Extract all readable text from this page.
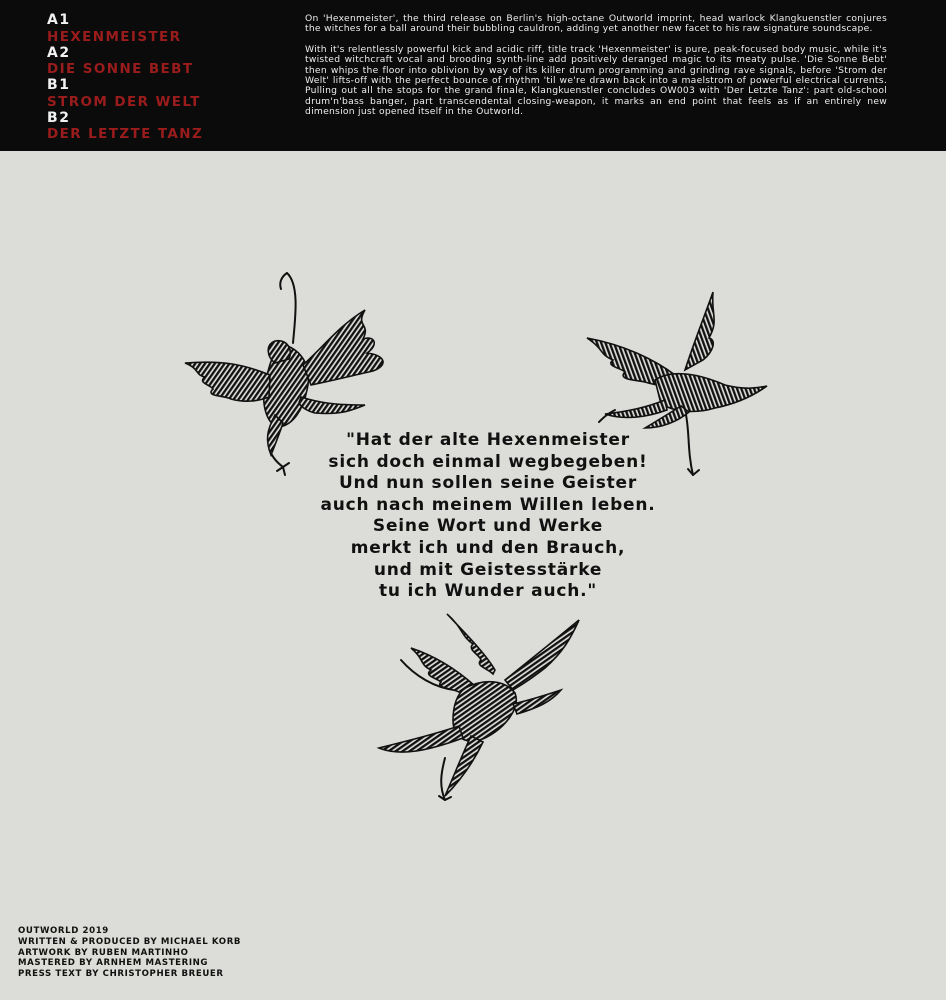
A1
HEXENMEISTER
A2
DIE SONNE BEBT
B1
STROM DER WELT
B2
DER LETZTE TANZ

On 'Hexenmeister', the third release on Berlin's high-octane Outworld imprint, head warlock Klangkuenstler conjures the witches for a ball around their bubbling cauldron, adding yet another new facet to his raw signature soundscape.

With it's relentlessly powerful kick and acidic riff, title track 'Hexenmeister' is pure, peak-focused body music, while it's twisted witchcraft vocal and brooding synth-line add positively deranged magic to its meaty pulse. 'Die Sonne Bebt' then whips the floor into oblivion by way of its killer drum programming and grinding rave signals, before 'Strom der Welt' lifts-off with the perfect bounce of rhythm 'til we're drawn back into a maelstrom of powerful electrical currents. Pulling out all the stops for the grand finale, Klangkuenstler concludes OW003 with 'Der Letzte Tanz': part old-school drum'n'bass banger, part transcendental closing-weapon, it marks an end point that feels as if an entirely new dimension just opened itself in the Outworld.

"Hat der alte Hexenmeister
sich doch einmal wegbegeben!
Und nun sollen seine Geister
auch nach meinem Willen leben.
Seine Wort und Werke
merkt ich und den Brauch,
und mit Geistesstärke
tu ich Wunder auch."
OUTWORLD 2019
WRITTEN & PRODUCED BY MICHAEL KORB
ARTWORK BY RUBEN MARTINHO
MASTERED BY ARNHEM MASTERING
PRESS TEXT BY CHRISTOPHER BREUER
